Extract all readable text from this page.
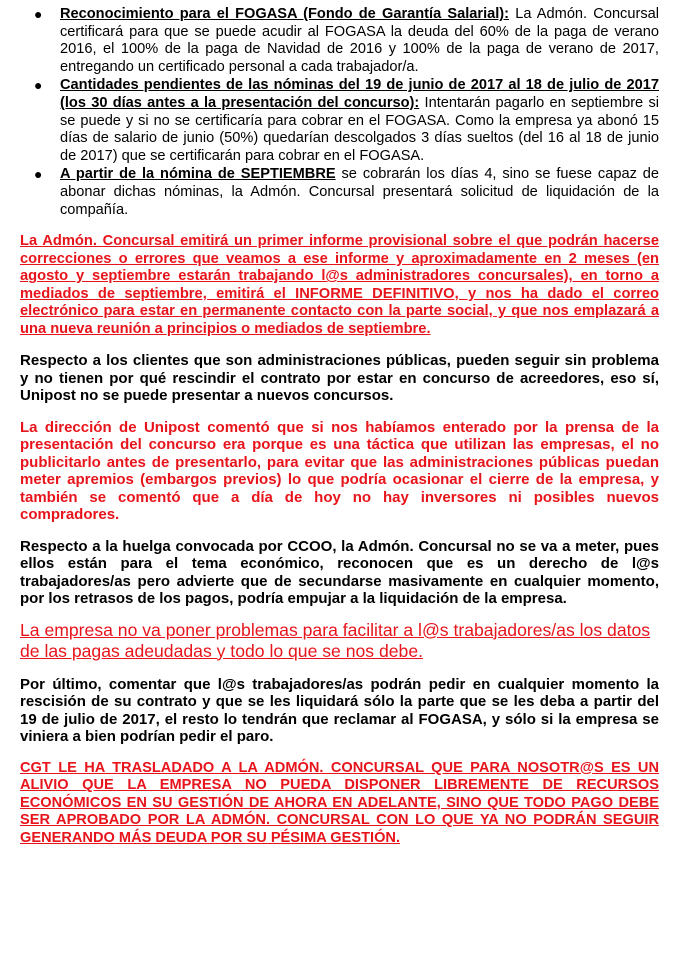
● Reconocimiento para el FOGASA (Fondo de Garantía Salarial): La Admón. Concursal certificará para que se puede acudir al FOGASA la deuda del 60% de la paga de verano 2016, el 100% de la paga de Navidad de 2016 y 100% de la paga de verano de 2017, entregando un certificado personal a cada trabajador/a.
● Cantidades pendientes de las nóminas del 19 de junio de 2017 al 18 de julio de 2017 (los 30 días antes a la presentación del concurso): Intentarán pagarlo en septiembre si se puede y si no se certificaría para cobrar en el FOGASA. Como la empresa ya abonó 15 días de salario de junio (50%) quedarían descolgados 3 días sueltos (del 16 al 18 de junio de 2017) que se certificarán para cobrar en el FOGASA.
● A partir de la nómina de SEPTIEMBRE se cobrarán los días 4, sino se fuese capaz de abonar dichas nóminas, la Admón. Concursal presentará solicitud de liquidación de la compañía.

La Admón. Concursal emitirá un primer informe provisional sobre el que podrán hacerse correcciones o errores que veamos a ese informe y aproximadamente en 2 meses (en agosto y septiembre estarán trabajando l@s administradores concursales), en torno a mediados de septiembre, emitirá el INFORME DEFINITIVO, y nos ha dado el correo electrónico para estar en permanente contacto con la parte social, y que nos emplazará a una nueva reunión a principios o mediados de septiembre.

Respecto a los clientes que son administraciones públicas, pueden seguir sin problema y no tienen por qué rescindir el contrato por estar en concurso de acreedores, eso sí, Unipost no se puede presentar a nuevos concursos.

La dirección de Unipost comentó que si nos habíamos enterado por la prensa de la presentación del concurso era porque es una táctica que utilizan las empresas, el no publicitarlo antes de presentarlo, para evitar que las administraciones públicas puedan meter apremios (embargos previos) lo que podría ocasionar el cierre de la empresa, y también se comentó que a día de hoy no hay inversores ni posibles nuevos compradores.

Respecto a la huelga convocada por CCOO, la Admón. Concursal no se va a meter, pues ellos están para el tema económico, reconocen que es un derecho de l@s trabajadores/as pero advierte que de secundarse masivamente en cualquier momento, por los retrasos de los pagos, podría empujar a la liquidación de la empresa.

La empresa no va poner problemas para facilitar a l@s trabajadores/as los datos de las pagas adeudadas y todo lo que se nos debe.

Por último, comentar que l@s trabajadores/as podrán pedir en cualquier momento la rescisión de su contrato y que se les liquidará sólo la parte que se les deba a partir del 19 de julio de 2017, el resto lo tendrán que reclamar al FOGASA, y sólo si la empresa se viniera a bien podrían pedir el paro.

CGT LE HA TRASLADADO A LA ADMÓN. CONCURSAL QUE PARA NOSOTR@S ES UN ALIVIO QUE LA EMPRESA NO PUEDA DISPONER LIBREMENTE DE RECURSOS ECONÓMICOS EN SU GESTIÓN DE AHORA EN ADELANTE, SINO QUE TODO PAGO DEBE SER APROBADO POR LA ADMÓN. CONCURSAL CON LO QUE YA NO PODRÁN SEGUIR GENERANDO MÁS DEUDA POR SU PÉSIMA GESTIÓN.
